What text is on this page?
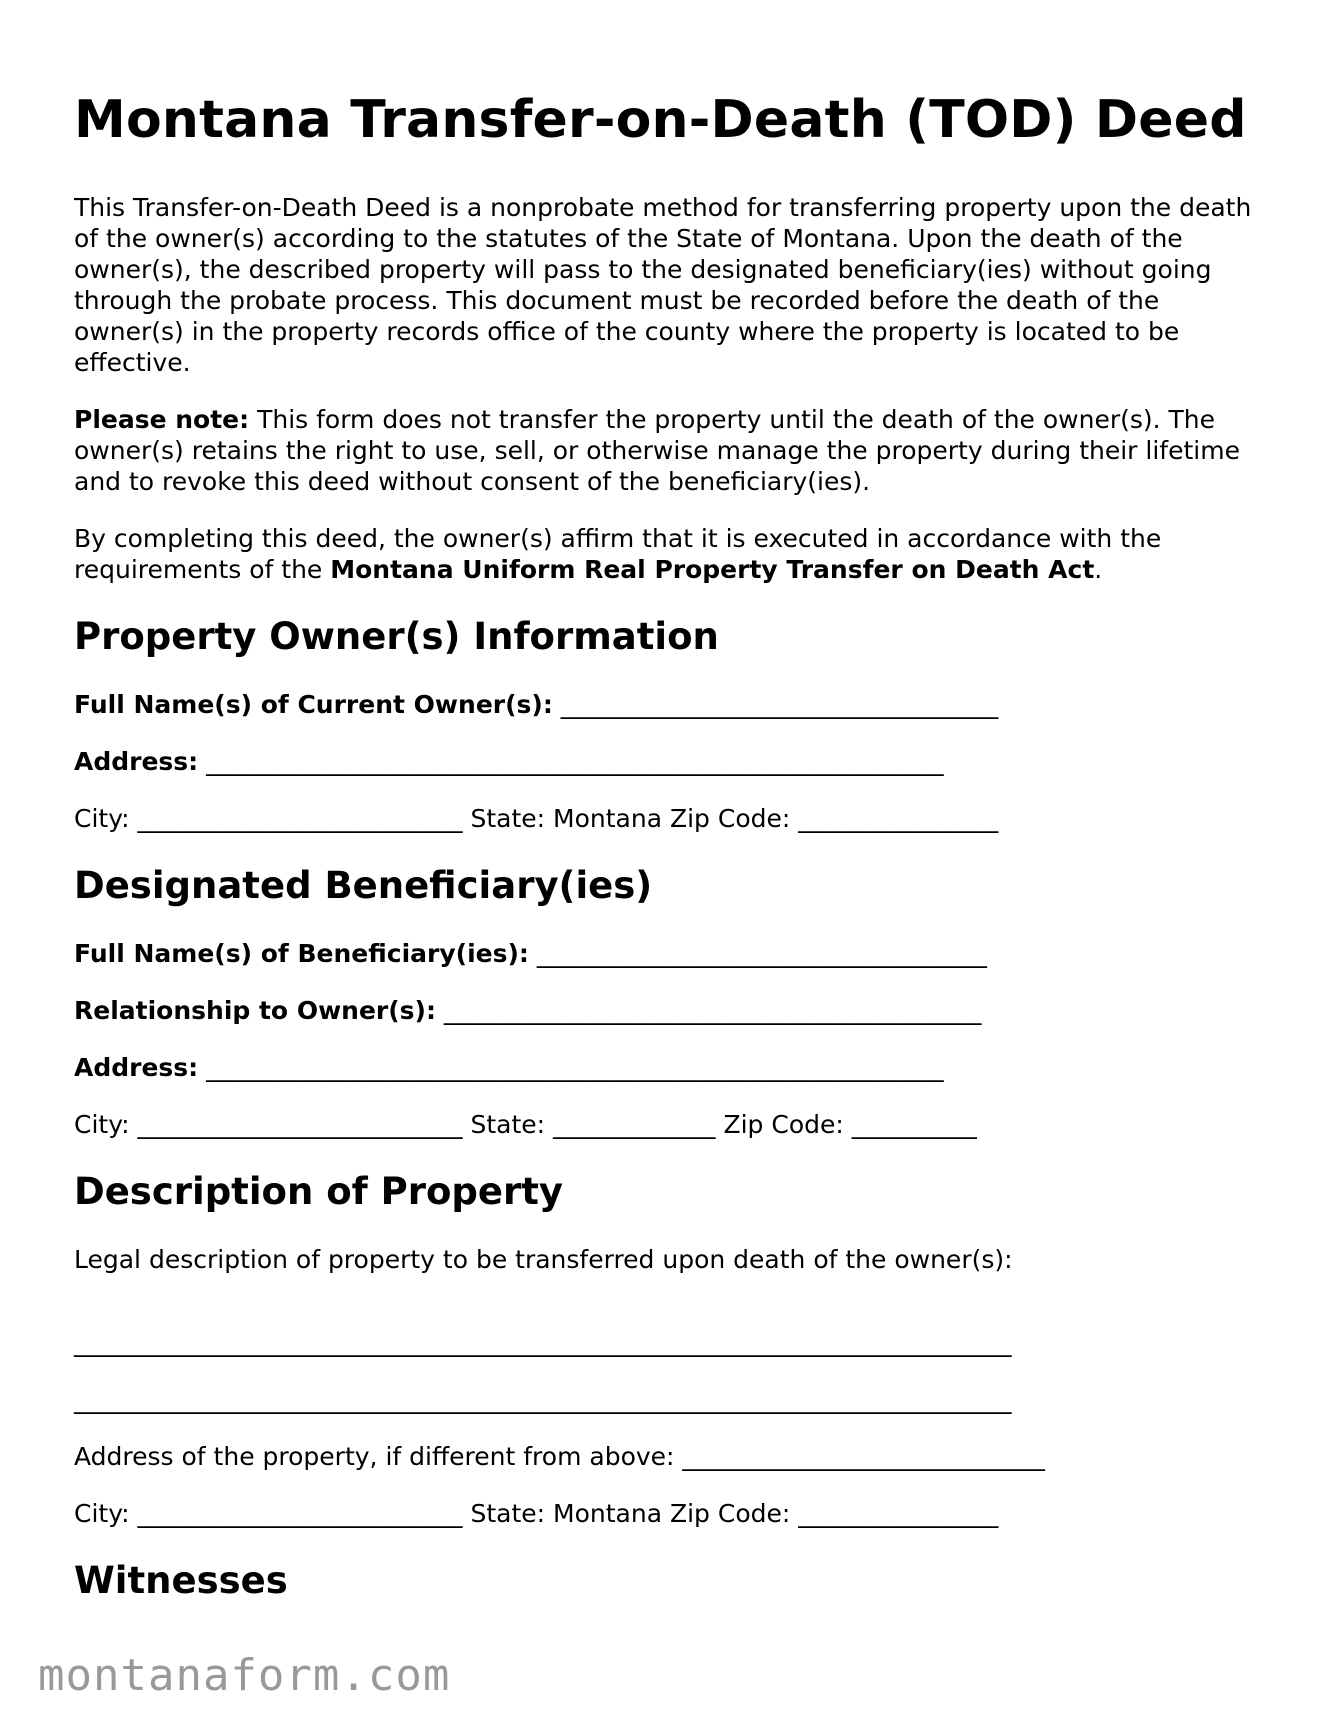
Montana Transfer-on-Death (TOD) Deed

This Transfer-on-Death Deed is a nonprobate method for transferring property upon the death of the owner(s) according to the statutes of the State of Montana. Upon the death of the owner(s), the described property will pass to the designated beneficiary(ies) without going through the probate process. This document must be recorded before the death of the owner(s) in the property records office of the county where the property is located to be effective.

Please note: This form does not transfer the property until the death of the owner(s). The owner(s) retains the right to use, sell, or otherwise manage the property during their lifetime and to revoke this deed without consent of the beneficiary(ies).

By completing this deed, the owner(s) affirm that it is executed in accordance with the requirements of the Montana Uniform Real Property Transfer on Death Act.

Property Owner(s) Information
Full Name(s) of Current Owner(s): ___________________________________
Address: ___________________________________________________________
City: __________________________ State: Montana Zip Code: ________________
Designated Beneficiary(ies)
Full Name(s) of Beneficiary(ies): ____________________________________
Relationship to Owner(s): ___________________________________________
Address: ___________________________________________________________
City: __________________________ State: _____________ Zip Code: __________
Description of Property
Legal description of property to be transferred upon death of the owner(s):
___________________________________________________________________________
___________________________________________________________________________
Address of the property, if different from above: _____________________________
City: __________________________ State: Montana Zip Code: ________________
Witnesses
montanaform.com
